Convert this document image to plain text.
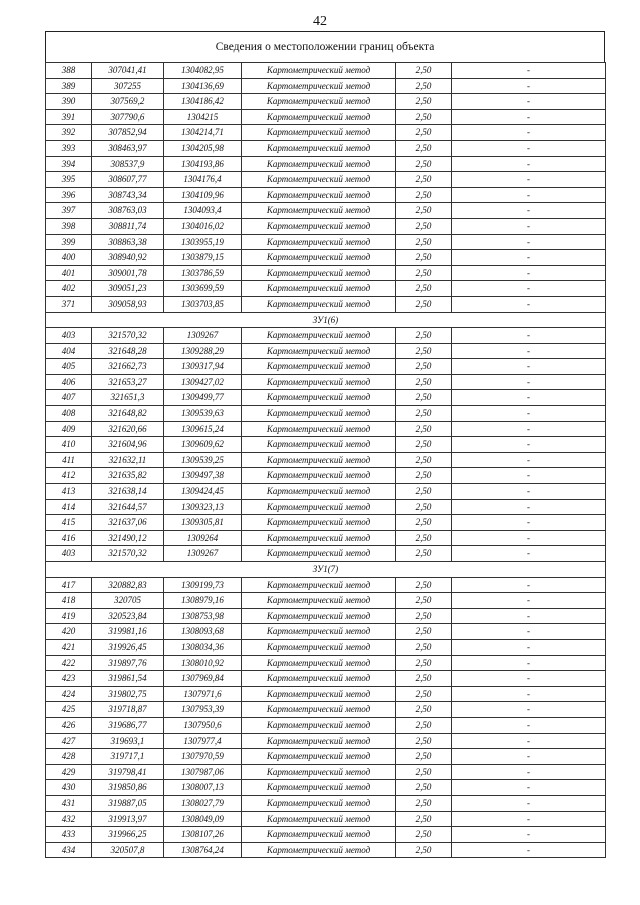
42
Сведения о местоположении границ объекта
388	307041,41	1304082,95	Картометрический метод	2,50	-
389	307255	1304136,69	Картометрический метод	2,50	-
390	307569,2	1304186,42	Картометрический метод	2,50	-
391	307790,6	1304215	Картометрический метод	2,50	-
392	307852,94	1304214,71	Картометрический метод	2,50	-
393	308463,97	1304205,98	Картометрический метод	2,50	-
394	308537,9	1304193,86	Картометрический метод	2,50	-
395	308607,77	1304176,4	Картометрический метод	2,50	-
396	308743,34	1304109,96	Картометрический метод	2,50	-
397	308763,03	1304093,4	Картометрический метод	2,50	-
398	308811,74	1304016,02	Картометрический метод	2,50	-
399	308863,38	1303955,19	Картометрический метод	2,50	-
400	308940,92	1303879,15	Картометрический метод	2,50	-
401	309001,78	1303786,59	Картометрический метод	2,50	-
402	309051,23	1303699,59	Картометрический метод	2,50	-
371	309058,93	1303703,85	Картометрический метод	2,50	-
ЗУ1(6)					
403	321570,32	1309267	Картометрический метод	2,50	-
404	321648,28	1309288,29	Картометрический метод	2,50	-
405	321662,73	1309317,94	Картометрический метод	2,50	-
406	321653,27	1309427,02	Картометрический метод	2,50	-
407	321651,3	1309499,77	Картометрический метод	2,50	-
408	321648,82	1309539,63	Картометрический метод	2,50	-
409	321620,66	1309615,24	Картометрический метод	2,50	-
410	321604,96	1309609,62	Картометрический метод	2,50	-
411	321632,11	1309539,25	Картометрический метод	2,50	-
412	321635,82	1309497,38	Картометрический метод	2,50	-
413	321638,14	1309424,45	Картометрический метод	2,50	-
414	321644,57	1309323,13	Картометрический метод	2,50	-
415	321637,06	1309305,81	Картометрический метод	2,50	-
416	321490,12	1309264	Картометрический метод	2,50	-
403	321570,32	1309267	Картометрический метод	2,50	-
ЗУ1(7)					
417	320882,83	1309199,73	Картометрический метод	2,50	-
418	320705	1308979,16	Картометрический метод	2,50	-
419	320523,84	1308753,98	Картометрический метод	2,50	-
420	319981,16	1308093,68	Картометрический метод	2,50	-
421	319926,45	1308034,36	Картометрический метод	2,50	-
422	319897,76	1308010,92	Картометрический метод	2,50	-
423	319861,54	1307969,84	Картометрический метод	2,50	-
424	319802,75	1307971,6	Картометрический метод	2,50	-
425	319718,87	1307953,39	Картометрический метод	2,50	-
426	319686,77	1307950,6	Картометрический метод	2,50	-
427	319693,1	1307977,4	Картометрический метод	2,50	-
428	319717,1	1307970,59	Картометрический метод	2,50	-
429	319798,41	1307987,06	Картометрический метод	2,50	-
430	319850,86	1308007,13	Картометрический метод	2,50	-
431	319887,05	1308027,79	Картометрический метод	2,50	-
432	319913,97	1308049,09	Картометрический метод	2,50	-
433	319966,25	1308107,26	Картометрический метод	2,50	-
434	320507,8	1308764,24	Картометрический метод	2,50	-
